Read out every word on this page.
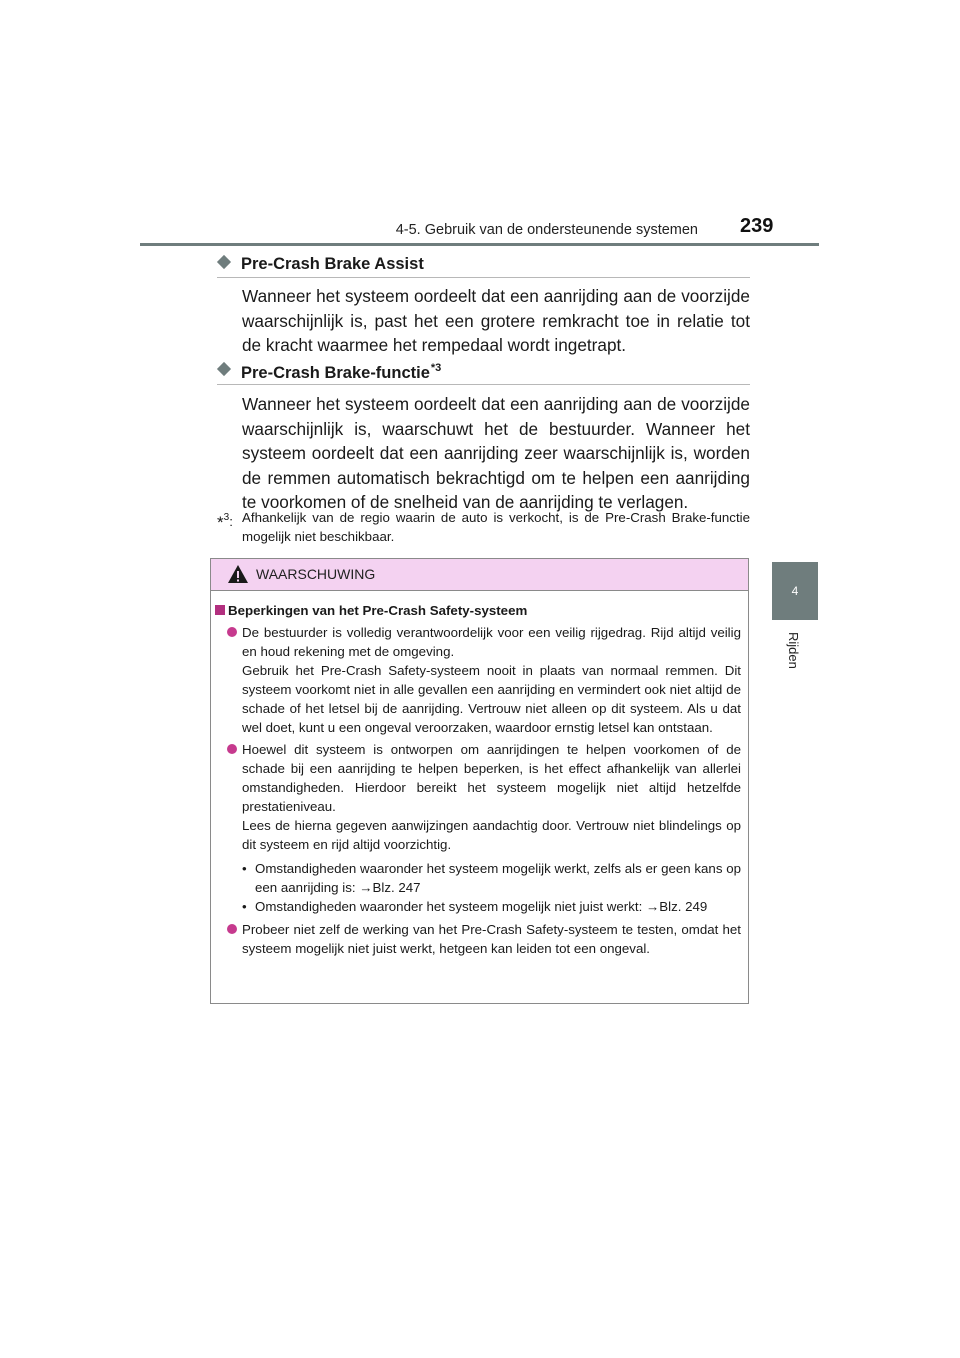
4-5. Gebruik van de ondersteunende systemen 239
4
Rijden
Pre-Crash Brake Assist
Wanneer het systeem oordeelt dat een aanrijding aan de voorzijde waarschijnlijk is, past het een grotere remkracht toe in relatie tot de kracht waarmee het rempedaal wordt ingetrapt.
Pre-Crash Brake-functie$^{*3}$
Wanneer het systeem oordeelt dat een aanrijding aan de voorzijde waarschijnlijk is, waarschuwt het de bestuurder. Wanneer het systeem oordeelt dat een aanrijding zeer waarschijnlijk is, worden de remmen automatisch bekrachtigd om te helpen een aanrijding te voorkomen of de snelheid van de aanrijding te verlagen.
*$^3$: Afhankelijk van de regio waarin de auto is verkocht, is de Pre-Crash Brake-functie mogelijk niet beschikbaar.
WAARSCHUWING
Beperkingen van het Pre-Crash Safety-systeem

De bestuurder is volledig verantwoordelijk voor een veilig rijgedrag. Rijd altijd veilig en houd rekening met de omgeving.

Gebruik het Pre-Crash Safety-systeem nooit in plaats van normaal remmen. Dit systeem voorkomt niet in alle gevallen een aanrijding en vermindert ook niet altijd de schade of het letsel bij de aanrijding. Vertrouw niet alleen op dit systeem. Als u dat wel doet, kunt u een ongeval veroorzaken, waardoor ernstig letsel kan ontstaan.

Hoewel dit systeem is ontworpen om aanrijdingen te helpen voorkomen of de schade bij een aanrijding te helpen beperken, is het effect afhankelijk van allerlei omstandigheden. Hierdoor bereikt het systeem mogelijk niet altijd hetzelfde prestatieniveau.

Lees de hierna gegeven aanwijzingen aandachtig door. Vertrouw niet blindelings op dit systeem en rijd altijd voorzichtig.

• Omstandigheden waaronder het systeem mogelijk werkt, zelfs als er geen kans op een aanrijding is: →Blz. 247
• Omstandigheden waaronder het systeem mogelijk niet juist werkt: →Blz. 249

Probeer niet zelf de werking van het Pre-Crash Safety-systeem te testen, omdat het systeem mogelijk niet juist werkt, hetgeen kan leiden tot een ongeval.
